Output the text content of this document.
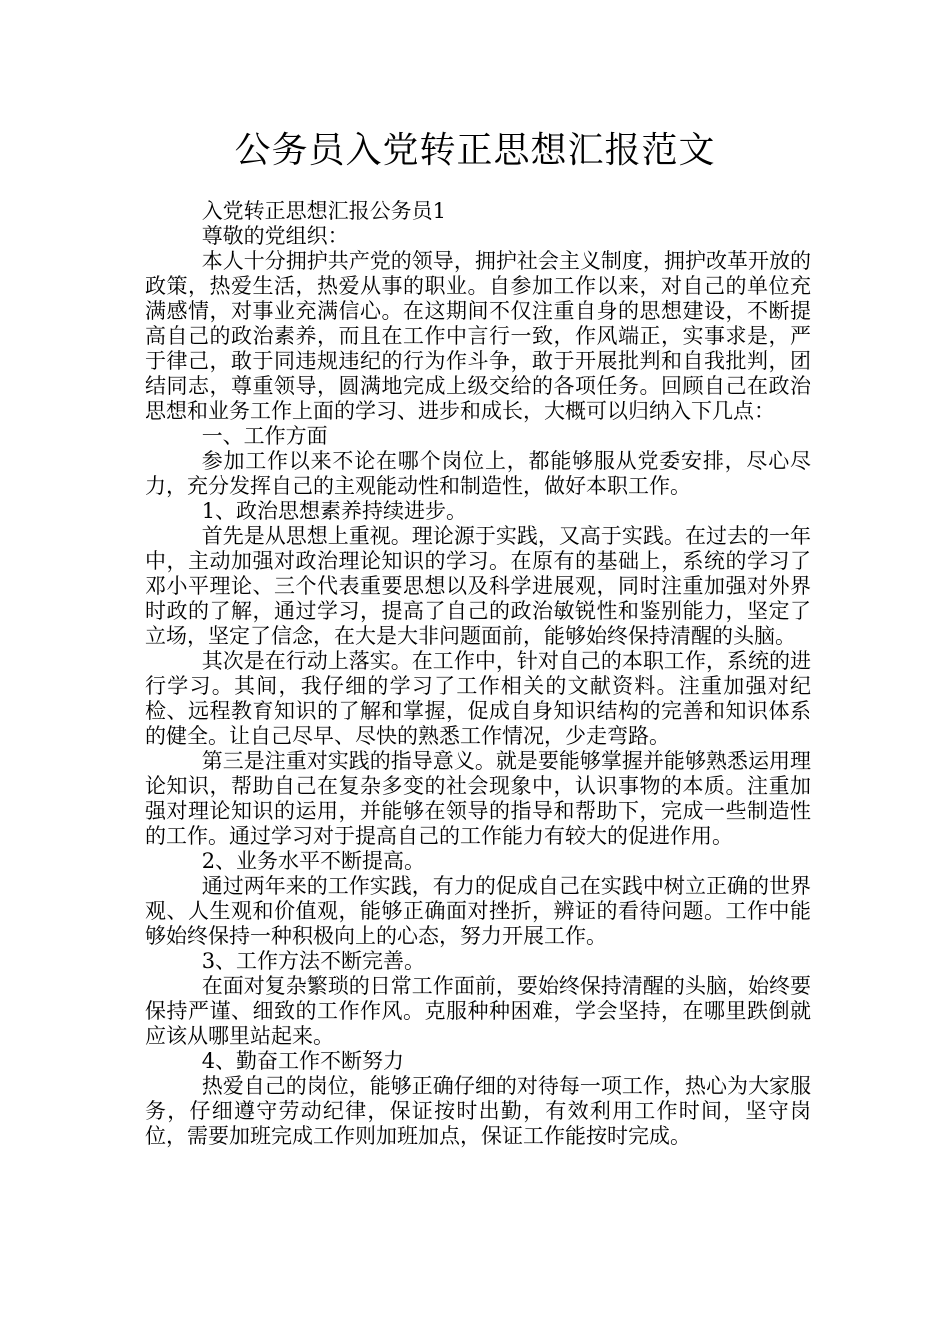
公务员入党转正思想汇报范文

入党转正思想汇报公务员1

尊敬的党组织：

本人十分拥护共产党的领导，拥护社会主义制度，拥护改革开放的政策，热爱生活，热爱从事的职业。自参加工作以来，对自己的单位充满感情，对事业充满信心。在这期间不仅注重自身的思想建设，不断提高自己的政治素养，而且在工作中言行一致，作风端正，实事求是，严于律己，敢于同违规违纪的行为作斗争，敢于开展批判和自我批判，团结同志，尊重领导，圆满地完成上级交给的各项任务。回顾自己在政治思想和业务工作上面的学习、进步和成长，大概可以归纳入下几点：

一、工作方面

参加工作以来不论在哪个岗位上，都能够服从党委安排，尽心尽力，充分发挥自己的主观能动性和制造性，做好本职工作。

1、政治思想素养持续进步。

首先是从思想上重视。理论源于实践，又高于实践。在过去的一年中，主动加强对政治理论知识的学习。在原有的基础上，系统的学习了邓小平理论、三个代表重要思想以及科学进展观，同时注重加强对外界时政的了解，通过学习，提高了自己的政治敏锐性和鉴别能力，坚定了立场，坚定了信念，在大是大非问题面前，能够始终保持清醒的头脑。

其次是在行动上落实。在工作中，针对自己的本职工作，系统的进行学习。其间，我仔细的学习了工作相关的文献资料。注重加强对纪检、远程教育知识的了解和掌握，促成自身知识结构的完善和知识体系的健全。让自己尽早、尽快的熟悉工作情况，少走弯路。

第三是注重对实践的指导意义。就是要能够掌握并能够熟悉运用理论知识，帮助自己在复杂多变的社会现象中，认识事物的本质。注重加强对理论知识的运用，并能够在领导的指导和帮助下，完成一些制造性的工作。通过学习对于提高自己的工作能力有较大的促进作用。

2、业务水平不断提高。

通过两年来的工作实践，有力的促成自己在实践中树立正确的世界观、人生观和价值观，能够正确面对挫折，辨证的看待问题。工作中能够始终保持一种积极向上的心态，努力开展工作。

3、工作方法不断完善。

在面对复杂繁琐的日常工作面前，要始终保持清醒的头脑，始终要保持严谨、细致的工作作风。克服种种困难，学会坚持，在哪里跌倒就应该从哪里站起来。

4、勤奋工作不断努力

热爱自己的岗位，能够正确仔细的对待每一项工作，热心为大家服务，仔细遵守劳动纪律，保证按时出勤，有效利用工作时间，坚守岗位，需要加班完成工作则加班加点，保证工作能按时完成。
